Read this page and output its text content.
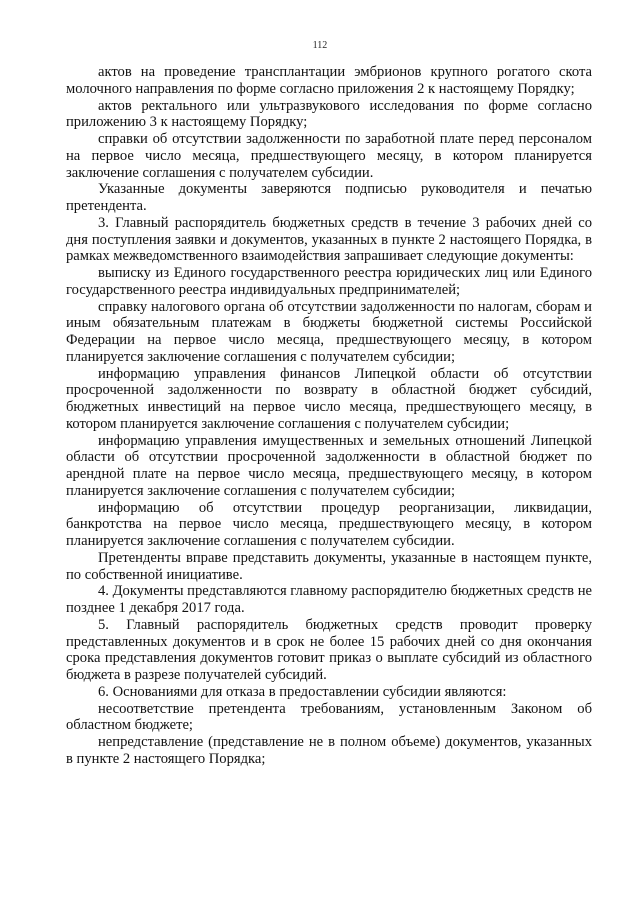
112

актов на проведение трансплантации эмбрионов крупного рогатого скота молочного направления по форме согласно приложения 2 к настоящему Порядку;

актов ректального или ультразвукового исследования по форме согласно приложению 3 к настоящему Порядку;

справки об отсутствии задолженности по заработной плате перед персоналом на первое число месяца, предшествующего месяцу, в котором планируется заключение соглашения с получателем субсидии.

Указанные документы заверяются подписью руководителя и печатью претендента.

3. Главный распорядитель бюджетных средств в течение 3 рабочих дней со дня поступления заявки и документов, указанных в пункте 2 настоящего Порядка, в рамках межведомственного взаимодействия запрашивает следующие документы:

выписку из Единого государственного реестра юридических лиц или Единого государственного реестра индивидуальных предпринимателей;

справку налогового органа об отсутствии задолженности по налогам, сборам и иным обязательным платежам в бюджеты бюджетной системы Российской Федерации на первое число месяца, предшествующего месяцу, в котором планируется заключение соглашения с получателем субсидии;

информацию управления финансов Липецкой области об отсутствии просроченной задолженности по возврату в областной бюджет субсидий, бюджетных инвестиций на первое число месяца, предшествующего месяцу, в котором планируется заключение соглашения с получателем субсидии;

информацию управления имущественных и земельных отношений Липецкой области об отсутствии просроченной задолженности в областной бюджет по арендной плате на первое число месяца, предшествующего месяцу, в котором планируется заключение соглашения с получателем субсидии;

информацию об отсутствии процедур реорганизации, ликвидации, банкротства на первое число месяца, предшествующего месяцу, в котором планируется заключение соглашения с получателем субсидии.

Претенденты вправе представить документы, указанные в настоящем пункте, по собственной инициативе.

4. Документы представляются главному распорядителю бюджетных средств не позднее 1 декабря 2017 года.

5. Главный распорядитель бюджетных средств проводит проверку представленных документов и в срок не более 15 рабочих дней со дня окончания срока представления документов готовит приказ о выплате субсидий из областного бюджета в разрезе получателей субсидий.

6. Основаниями для отказа в предоставлении субсидии являются:

несоответствие претендента требованиям, установленным Законом об областном бюджете;

непредставление (представление не в полном объеме) документов, указанных в пункте 2 настоящего Порядка;
